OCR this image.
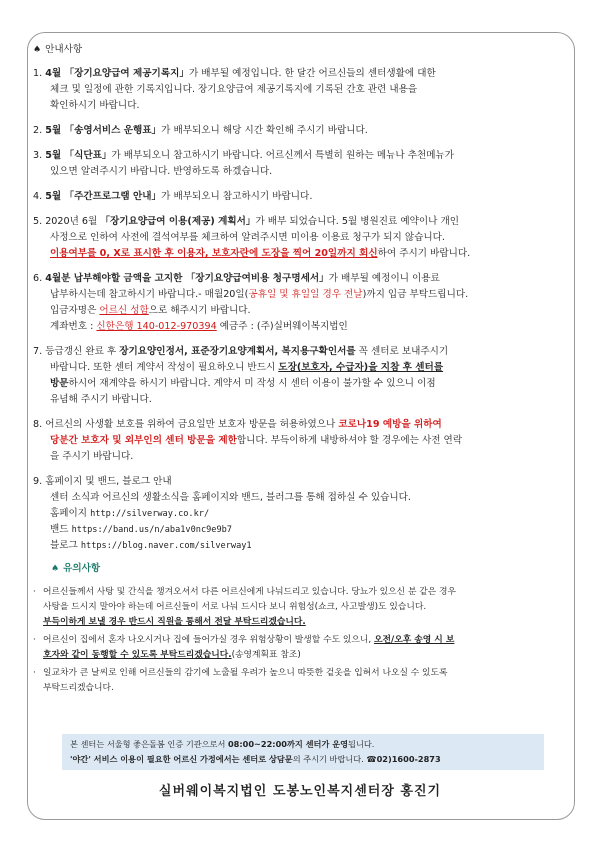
♠ 안내사항
1. 4월 「장기요양급여 제공기록지」가 배부될 예정입니다. 한 달간 어르신들의 센터생활에 대한
체크 및 일정에 관한 기록지입니다. 장기요양급여 제공기록지에 기록된 간호 관련 내용을
확인하시기 바랍니다.
2. 5월 「송영서비스 운행표」가 배부되오니 해당 시간 확인해 주시기 바랍니다.
3. 5월 「식단표」가 배부되오니 참고하시기 바랍니다. 어르신께서 특별히 원하는 메뉴나 추천메뉴가
있으면 알려주시기 바랍니다. 반영하도록 하겠습니다.
4. 5월 「주간프로그램 안내」가 배부되오니 참고하시기 바랍니다.
5. 2020년 6월 「장기요양급여 이용(제공) 계획서」가 배부 되었습니다. 5월 병원진료 예약이나 개인
사정으로 인하여 사전에 결석여부를 체크하여 알려주시면 미이용 이용료 청구가 되지 않습니다.
이용여부를 0, X로 표시한 후 이용자, 보호자란에 도장을 찍어 20일까지 회신하여 주시기 바랍니다.
6. 4월분 납부해야할 금액을 고지한 「장기요양급여비용 청구명세서」가 배부될 예정이니 이용료
납부하시는데 참고하시기 바랍니다.- 매월20일(공휴일 및 휴일일 경우 전날)까지 입금 부탁드립니다.
입금자명은 어르신 성함으로 해주시기 바랍니다.
계좌번호 : 신한은행 140-012-970394 예금주 : (주)실버웨이복지법인
7. 등급갱신 완료 후 장기요양인정서, 표준장기요양계획서, 복지용구확인서를 꼭 센터로 보내주시기
바랍니다. 또한 센터 계약서 작성이 필요하오니 반드시 도장(보호자, 수급자)을 지참 후 센터를
방문하시어 재계약을 하시기 바랍니다. 계약서 미 작성 시 센터 이용이 불가할 수 있으니 이점
유념해 주시기 바랍니다.
8. 어르신의 사생활 보호를 위하여 금요일만 보호자 방문을 허용하였으나 코로나19 예방을 위하여
당분간 보호자 및 외부인의 센터 방문을 제한합니다. 부득이하게 내방하셔야 할 경우에는 사전 연락
을 주시기 바랍니다.
9. 홈페이지 및 밴드, 블로그 안내
센터 소식과 어르신의 생활소식을 홈페이지와 밴드, 블러그를 통해 접하실 수 있습니다.
홈페이지 http://silverway.co.kr/
밴드 https://band.us/n/aba1v0nc9e9b7
블로그 https://blog.naver.com/silverway1
♠ 유의사항
· 어르신들께서 사탕 및 간식을 챙겨오셔서 다른 어르신에게 나눠드리고 있습니다. 당뇨가 있으신 분 같은 경우
사탕을 드시지 말아야 하는데 어르신들이 서로 나눠 드시다 보니 위험성(쇼크, 사고발생)도 있습니다.
부득이하게 보낼 경우 반드시 직원을 통해서 전달 부탁드리겠습니다.
· 어르신이 집에서 혼자 나오시거나 집에 들어가실 경우 위험상황이 발생할 수도 있으니, 오전/오후 송영 시 보
호자와 같이 동행할 수 있도록 부탁드리겠습니다.(송영계획표 참조)
· 일교차가 큰 날씨로 인해 어르신들의 감기에 노출될 우려가 높으니 따뜻한 겉옷을 입혀서 나오실 수 있도록
부탁드리겠습니다.
본 센터는 서울형 좋은돌봄 인증 기관으로서 08:00~22:00까지 센터가 운영됩니다.
'야간' 서비스 이용이 필요한 어르신 가정에서는 센터로 상담문의 주시기 바랍니다. ☎02)1600-2873
실버웨이복지법인 도봉노인복지센터장 홍진기
